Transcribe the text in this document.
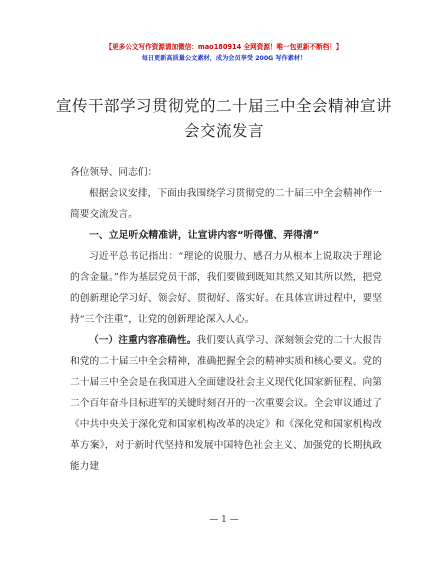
【更多公文写作资源请加微信：mao180914 全网资源！唯一包更新不断档！】
每日更新高质量公文素材，成为会员享受 200G 写作素材！
宣传干部学习贯彻党的二十届三中全会精神宣讲会交流发言

各位领导、同志们：

根据会议安排，下面由我围绕学习贯彻党的二十届三中全会精神作一简要交流发言。

一、立足听众精准讲，让宣讲内容“听得懂、弄得清”

习近平总书记指出：“理论的说服力、感召力从根本上说取决于理论的含金量。”作为基层党员干部，我们要做到既知其然又知其所以然，把党的创新理论学习好、领会好、贯彻好、落实好。在具体宣讲过程中，要坚持“三个注重”，让党的创新理论深入人心。

（一）注重内容准确性。我们要认真学习、深刻领会党的二十大报告和党的二十届三中全会精神，准确把握全会的精神实质和核心要义。党的二十届三中全会是在我国进入全面建设社会主义现代化国家新征程、向第二个百年奋斗目标进军的关键时刻召开的一次重要会议。全会审议通过了《中共中央关于深化党和国家机构改革的决定》和《深化党和国家机构改革方案》，对于新时代坚持和发展中国特色社会主义、加强党的长期执政能力建

— 1 —
